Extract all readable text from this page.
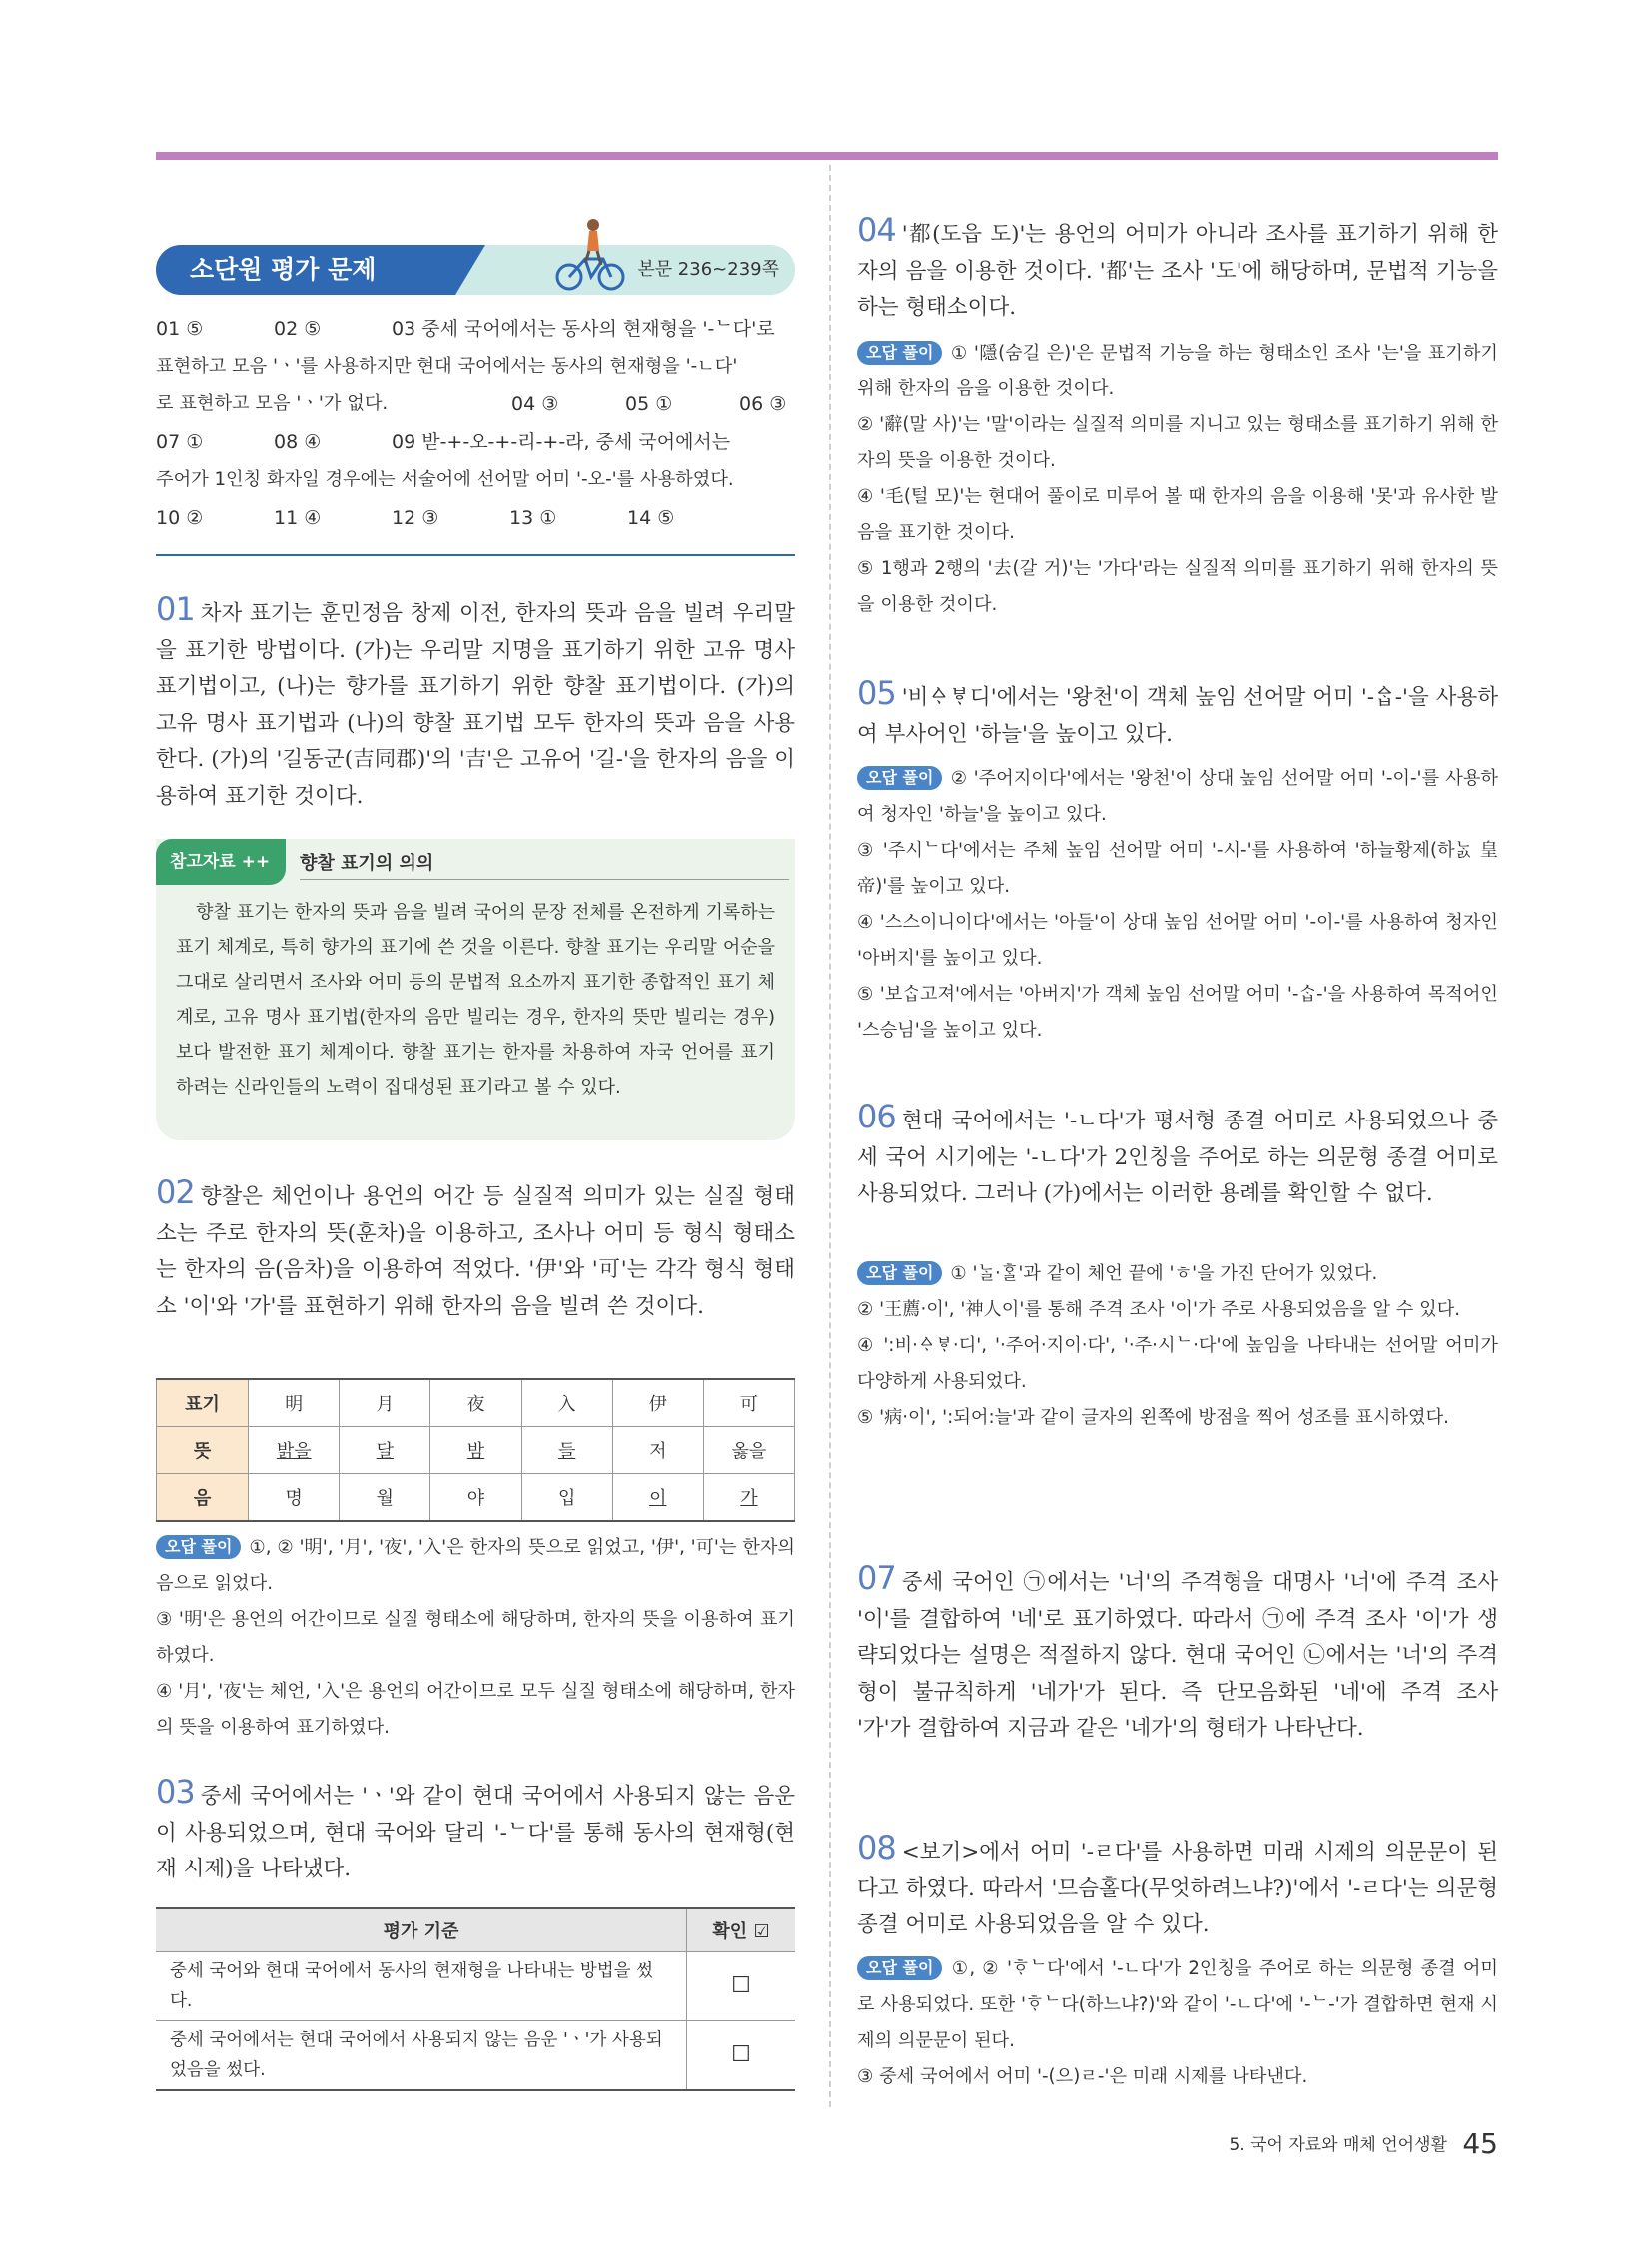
소단원 평가 문제	본문 236~239쪽
01 ⑤	02 ⑤	03 중세 국어에서는 동사의 현재형을 '-ᄂ다'로
표현하고 모음 'ㆍ'를 사용하지만 현대 국어에서는 동사의 현재형을 '-ㄴ다'
로 표현하고 모음 'ㆍ'가 없다.	04 ③	05 ①	06 ③
07 ①	08 ④	09 받-+-오-+-리-+-라, 중세 국어에서는
주어가 1인칭 화자일 경우에는 서술어에 선어말 어미 '-오-'를 사용하였다.
10 ②	11 ④	12 ③	13 ①	14 ⑤
01 차자 표기는 훈민정음 창제 이전, 한자의 뜻과 음을 빌려 우리말을 표기한 방법이다. (가)는 우리말 지명을 표기하기 위한 고유 명사 표기법이고, (나)는 향가를 표기하기 위한 향찰 표기법이다. (가)의 고유 명사 표기법과 (나)의 향찰 표기법 모두 한자의 뜻과 음을 사용한다. (가)의 '길동군(吉同郡)'의 '吉'은 고유어 '길-'을 한자의 음을 이용하여 표기한 것이다.
참고자료 ++	향찰 표기의 의의
향찰 표기는 한자의 뜻과 음을 빌려 국어의 문장 전체를 온전하게 기록하는 표기 체계로, 특히 향가의 표기에 쓴 것을 이른다. 향찰 표기는 우리말 어순을 그대로 살리면서 조사와 어미 등의 문법적 요소까지 표기한 종합적인 표기 체계로, 고유 명사 표기법(한자의 음만 빌리는 경우, 한자의 뜻만 빌리는 경우)보다 발전한 표기 체계이다. 향찰 표기는 한자를 차용하여 자국 언어를 표기하려는 신라인들의 노력이 집대성된 표기라고 볼 수 있다.
02 향찰은 체언이나 용언의 어간 등 실질적 의미가 있는 실질 형태소는 주로 한자의 뜻(훈차)을 이용하고, 조사나 어미 등 형식 형태소는 한자의 음(음차)을 이용하여 적었다. '伊'와 '可'는 각각 형식 형태소 '이'와 '가'를 표현하기 위해 한자의 음을 빌려 쓴 것이다.
표기	明	月	夜	入	伊	可
뜻	밝을	달	밤	들	저	옳을
음	명	월	야	입	이	가
오답 풀이 ①, ② '明', '月', '夜', '入'은 한자의 뜻으로 읽었고, '伊', '可'는 한자의 음으로 읽었다.
③ '明'은 용언의 어간이므로 실질 형태소에 해당하며, 한자의 뜻을 이용하여 표기하였다.
④ '月', '夜'는 체언, '入'은 용언의 어간이므로 모두 실질 형태소에 해당하며, 한자의 뜻을 이용하여 표기하였다.
03 중세 국어에서는 'ㆍ'와 같이 현대 국어에서 사용되지 않는 음운이 사용되었으며, 현대 국어와 달리 '-ᄂ다'를 통해 동사의 현재형(현재 시제)을 나타냈다.
평가 기준	확인 ☑
중세 국어와 현대 국어에서 동사의 현재형을 나타내는 방법을 썼다.	☐
중세 국어에서는 현대 국어에서 사용되지 않는 음운 'ㆍ'가 사용되었음을 썼다.	☐
04 '都(도읍 도)'는 용언의 어미가 아니라 조사를 표기하기 위해 한자의 음을 이용한 것이다. '都'는 조사 '도'에 해당하며, 문법적 기능을 하는 형태소이다.
오답 풀이 ① '隱(숨길 은)'은 문법적 기능을 하는 형태소인 조사 '는'을 표기하기 위해 한자의 음을 이용한 것이다.
② '辭(말 사)'는 '말'이라는 실질적 의미를 지니고 있는 형태소를 표기하기 위해 한자의 뜻을 이용한 것이다.
④ '毛(털 모)'는 현대어 풀이로 미루어 볼 때 한자의 음을 이용해 '못'과 유사한 발음을 표기한 것이다.
⑤ 1행과 2행의 '去(갈 거)'는 '가다'라는 실질적 의미를 표기하기 위해 한자의 뜻을 이용한 것이다.
05 '비ᅀᆞᄫᆞ디'에서는 '왕천'이 객체 높임 선어말 어미 '-ᅀᆞᆸ-'을 사용하여 부사어인 '하늘'을 높이고 있다.
오답 풀이 ② '주어지이다'에서는 '왕천'이 상대 높임 선어말 어미 '-이-'를 사용하여 청자인 '하늘'을 높이고 있다.
③ '주시ᄂ다'에서는 주체 높임 선어말 어미 '-시-'를 사용하여 '하늘황제(하ᄂᆞᆳ 皇帝)'를 높이고 있다.
④ '스스이니이다'에서는 '아들'이 상대 높임 선어말 어미 '-이-'를 사용하여 청자인 '아버지'를 높이고 있다.
⑤ '보ᄉᆞᆸ고져'에서는 '아버지'가 객체 높임 선어말 어미 '-ᄉᆞᆸ-'을 사용하여 목적어인 '스승님'을 높이고 있다.
06 현대 국어에서는 '-ㄴ다'가 평서형 종결 어미로 사용되었으나 중세 국어 시기에는 '-ㄴ다'가 2인칭을 주어로 하는 의문형 종결 어미로 사용되었다. 그러나 (가)에서는 이러한 용례를 확인할 수 없다.
오답 풀이 ① 'ᄂᆞᆯ·ᄒᆞᆯ'과 같이 체언 끝에 'ㅎ'을 가진 단어가 있었다.
② '王薦·이', '神人이'를 통해 주격 조사 '이'가 주로 사용되었음을 알 수 있다.
④ ':비·ᅀᆞᄫᆞ·디', '·주어·지이·다', '·주·시ᄂ·다'에 높임을 나타내는 선어말 어미가 다양하게 사용되었다.
⑤ '病·이', ':되어:늘'과 같이 글자의 왼쪽에 방점을 찍어 성조를 표시하였다.
07 중세 국어인 ㉠에서는 '너'의 주격형을 대명사 '너'에 주격 조사 '이'를 결합하여 '네'로 표기하였다. 따라서 ㉠에 주격 조사 '이'가 생략되었다는 설명은 적절하지 않다. 현대 국어인 ㉡에서는 '너'의 주격형이 불규칙하게 '네가'가 된다. 즉 단모음화된 '네'에 주격 조사 '가'가 결합하여 지금과 같은 '네가'의 형태가 나타난다.
08 <보기>에서 어미 '-ㄹ다'를 사용하면 미래 시제의 의문문이 된다고 하였다. 따라서 '므슴홀다(무엇하려느냐?)'에서 '-ㄹ다'는 의문형 종결 어미로 사용되었음을 알 수 있다.
오답 풀이 ①, ② 'ᄒᆞᄂ다'에서 '-ㄴ다'가 2인칭을 주어로 하는 의문형 종결 어미로 사용되었다. 또한 'ᄒᆞᄂ다(하느냐?)'와 같이 '-ㄴ다'에 '-ᄂ-'가 결합하면 현재 시제의 의문문이 된다.
③ 중세 국어에서 어미 '-(으)ㄹ-'은 미래 시제를 나타낸다.
5. 국어 자료와 매체 언어생활 45
